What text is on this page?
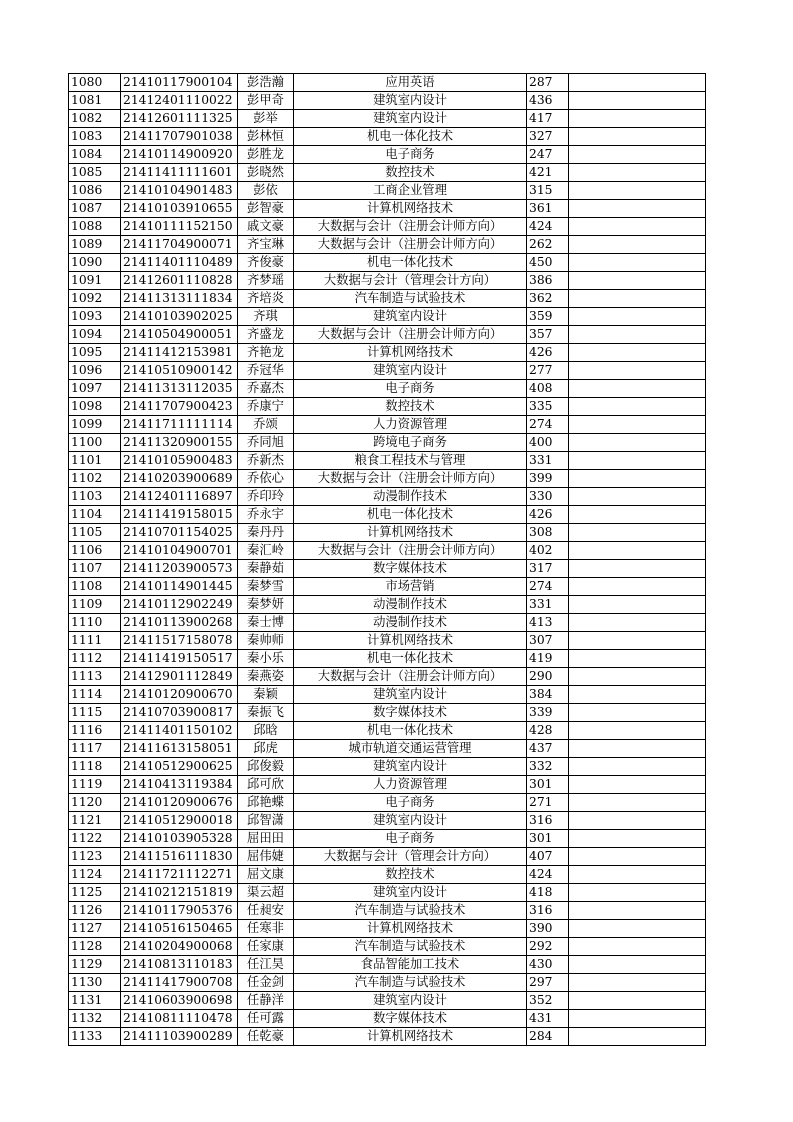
1080	21410117900104	彭浩瀚	应用英语	287	
1081	21412401110022	彭甲奇	建筑室内设计	436	
1082	21412601111325	彭举	建筑室内设计	417	
1083	21411707901038	彭林恒	机电一体化技术	327	
1084	21410114900920	彭胜龙	电子商务	247	
1085	21411411111601	彭晓然	数控技术	421	
1086	21410104901483	彭依	工商企业管理	315	
1087	21410103910655	彭智豪	计算机网络技术	361	
1088	21410111152150	戚文豪	大数据与会计（注册会计师方向）	424	
1089	21411704900071	齐宝琳	大数据与会计（注册会计师方向）	262	
1090	21411401110489	齐俊豪	机电一体化技术	450	
1091	21412601110828	齐梦瑶	大数据与会计（管理会计方向）	386	
1092	21411313111834	齐培炎	汽车制造与试验技术	362	
1093	21410103902025	齐琪	建筑室内设计	359	
1094	21410504900051	齐盛龙	大数据与会计（注册会计师方向）	357	
1095	21411412153981	齐艳龙	计算机网络技术	426	
1096	21410510900142	乔冠华	建筑室内设计	277	
1097	21411313112035	乔嘉杰	电子商务	408	
1098	21411707900423	乔康宁	数控技术	335	
1099	21411711111114	乔颂	人力资源管理	274	
1100	21411320900155	乔同旭	跨境电子商务	400	
1101	21410105900483	乔新杰	粮食工程技术与管理	331	
1102	21410203900689	乔依心	大数据与会计（注册会计师方向）	399	
1103	21412401116897	乔印玲	动漫制作技术	330	
1104	21411419158015	乔永宇	机电一体化技术	426	
1105	21410701154025	秦丹丹	计算机网络技术	308	
1106	21410104900701	秦汇岭	大数据与会计（注册会计师方向）	402	
1107	21411203900573	秦静茹	数字媒体技术	317	
1108	21410114901445	秦梦雪	市场营销	274	
1109	21410112902249	秦梦妍	动漫制作技术	331	
1110	21410113900268	秦士博	动漫制作技术	413	
1111	21411517158078	秦帅师	计算机网络技术	307	
1112	21411419150517	秦小乐	机电一体化技术	419	
1113	21412901112849	秦燕姿	大数据与会计（注册会计师方向）	290	
1114	21410120900670	秦颖	建筑室内设计	384	
1115	21410703900817	秦振飞	数字媒体技术	339	
1116	21411401150102	邱晗	机电一体化技术	428	
1117	21411613158051	邱虎	城市轨道交通运营管理	437	
1118	21410512900625	邱俊毅	建筑室内设计	332	
1119	21410413119384	邱可欣	人力资源管理	301	
1120	21410120900676	邱艳蝶	电子商务	271	
1121	21410512900018	邱智潇	建筑室内设计	316	
1122	21410103905328	屈田田	电子商务	301	
1123	21411516111830	屈伟婕	大数据与会计（管理会计方向）	407	
1124	21411721112271	屈文康	数控技术	424	
1125	21410212151819	渠云超	建筑室内设计	418	
1126	21410117905376	任昶安	汽车制造与试验技术	316	
1127	21410516150465	任寒非	计算机网络技术	390	
1128	21410204900068	任家康	汽车制造与试验技术	292	
1129	21410813110183	任江昊	食品智能加工技术	430	
1130	21411417900708	任金剑	汽车制造与试验技术	297	
1131	21410603900698	任静洋	建筑室内设计	352	
1132	21410811110478	任可露	数字媒体技术	431	
1133	21411103900289	任乾豪	计算机网络技术	284	
